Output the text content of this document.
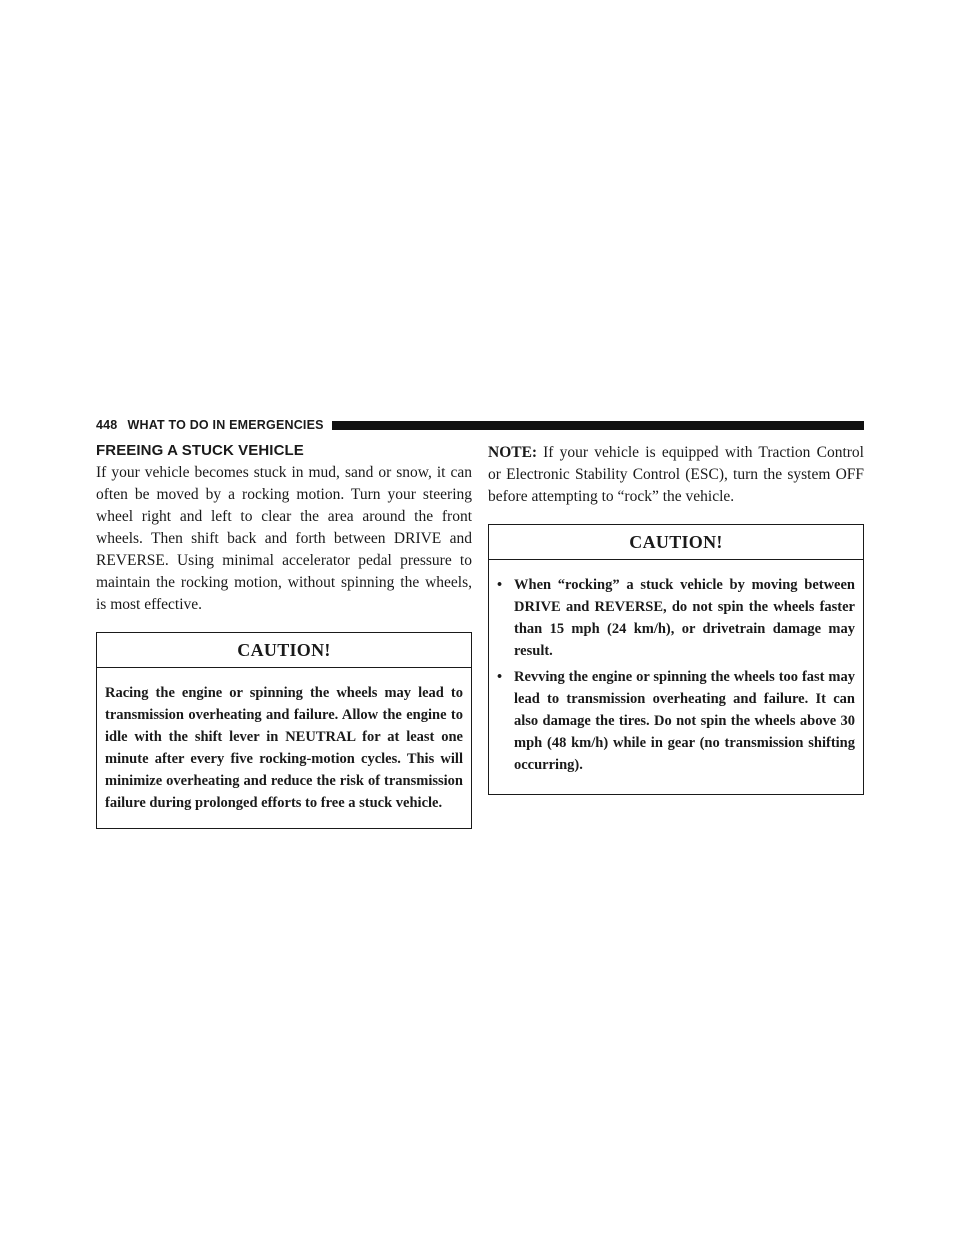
448 WHAT TO DO IN EMERGENCIES
FREEING A STUCK VEHICLE

If your vehicle becomes stuck in mud, sand or snow, it can often be moved by a rocking motion. Turn your steering wheel right and left to clear the area around the front wheels. Then shift back and forth between DRIVE and REVERSE. Using minimal accelerator pedal pressure to maintain the rocking motion, without spinning the wheels, is most effective.

CAUTION!
Racing the engine or spinning the wheels may lead to transmission overheating and failure. Allow the engine to idle with the shift lever in NEUTRAL for at least one minute after every five rocking-motion cycles. This will minimize overheating and reduce the risk of transmission failure during prolonged efforts to free a stuck vehicle.

NOTE: If your vehicle is equipped with Traction Control or Electronic Stability Control (ESC), turn the system OFF before attempting to “rock” the vehicle.

CAUTION!
• When “rocking” a stuck vehicle by moving between DRIVE and REVERSE, do not spin the wheels faster than 15 mph (24 km/h), or drivetrain damage may result.
• Revving the engine or spinning the wheels too fast may lead to transmission overheating and failure. It can also damage the tires. Do not spin the wheels above 30 mph (48 km/h) while in gear (no transmission shifting occurring).
